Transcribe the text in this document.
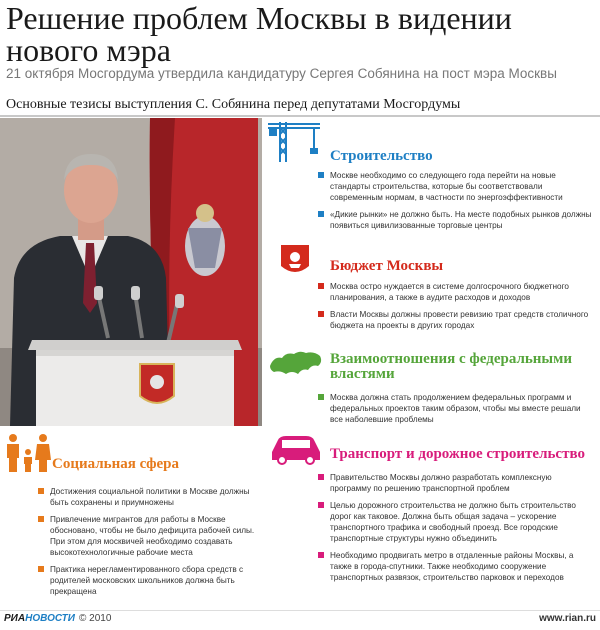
Решение проблем Москвы в видении нового мэра
21 октября Мосгордума утвердила кандидатуру Сергея Собянина на пост мэра Москвы
Основные тезисы выступления С. Собянина перед депутатами Мосгордумы
Строительство
Москве необходимо со следующего года перейти на новые стандарты строительства, которые бы соответствовали современным нормам, в частности по энергоэффективности
«Дикие рынки» не должно быть. На месте подобных рынков должны появиться цивилизованные торговые центры
Бюджет Москвы
Москва остро нуждается в системе долгосрочного бюджетного планирования, а также в аудите расходов и доходов
Власти Москвы должны провести ревизию трат средств столичного бюджета на проекты в других городах
Взаимоотношения с федеральными властями
Москва должна стать продолжением федеральных программ и федеральных проектов таким образом, чтобы мы вместе решали все наболевшие проблемы
Транспорт и дорожное строительство
Правительство Москвы должно разработать комплексную программу по решению транспортной проблем
Целью дорожного строительства не должно быть строительство дорог как таковое. Должна быть общая задача – ускорение транспортного трафика и свободный проезд. Все городские транспортные структуры нужно объединить
Необходимо продвигать метро в отдаленные районы Москвы, а также в города-спутники. Также необходимо сооружение транспортных развязок, строительство парковок и переходов
Социальная сфера
Достижения социальной политики в Москве должны быть сохранены и приумножены
Привлечение мигрантов для работы в Москве обосновано, чтобы не было дефицита рабочей силы. При этом для москвичей необходимо создавать высокотехнологичные рабочие места
Практика нерегламентированного сбора средств с родителей московских школьников должна быть прекращена
РИАНОВОСТИ © 2010	www.rian.ru
